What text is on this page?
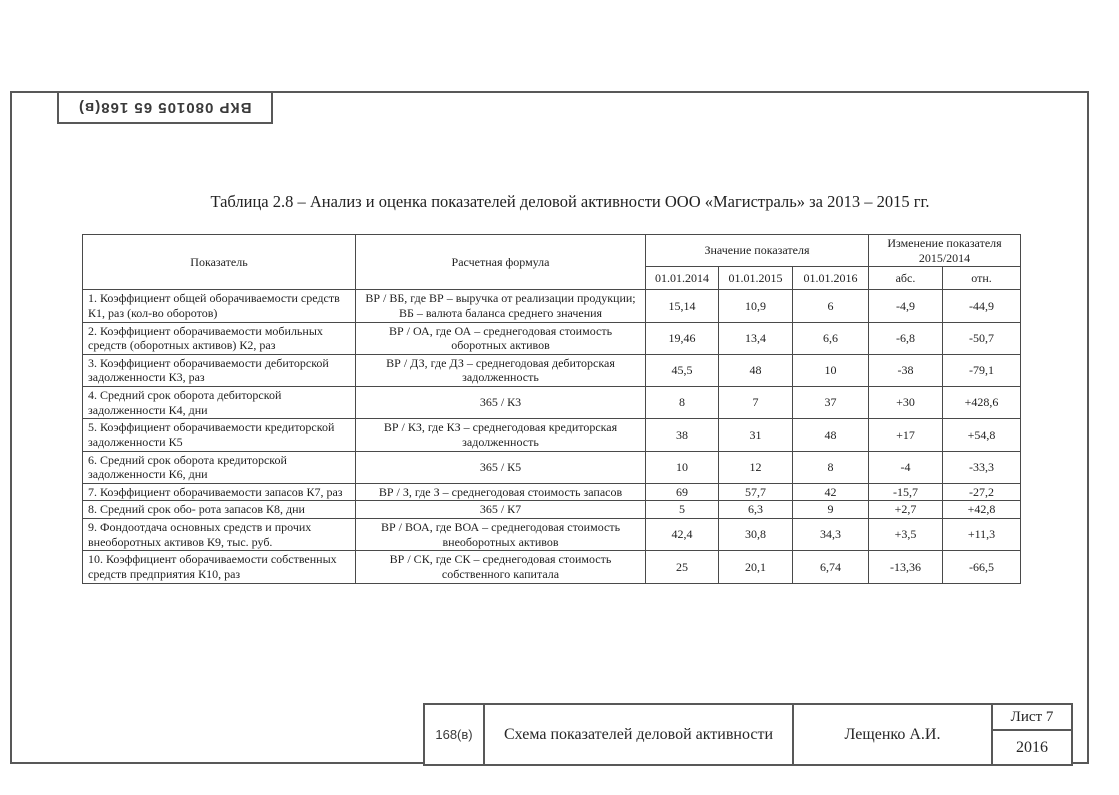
ВКР 080105 65 168(в)
Таблица 2.8 – Анализ и оценка показателей деловой активности ООО «Магистраль» за 2013 – 2015 гг.
Показатель	Расчетная формула	Значение показателя			Изменение показателя 2015/2014	
		01.01.2014	01.01.2015	01.01.2016	абс.	отн.
1. Коэффициент общей оборачиваемости средств К1, раз (кол-во оборотов)	ВР / ВБ, где ВР – выручка от реализации продукции; ВБ – валюта баланса среднего значения	15,14	10,9	6	-4,9	-44,9
2. Коэффициент оборачиваемости мобильных средств (оборотных активов) К2, раз	ВР / ОА, где ОА – среднегодовая стоимость оборотных активов	19,46	13,4	6,6	-6,8	-50,7
3. Коэффициент оборачиваемости дебиторской задолженности К3, раз	ВР / ДЗ, где ДЗ – среднегодовая дебиторская задолженность	45,5	48	10	-38	-79,1
4. Средний срок оборота дебиторской задолженности К4, дни	365 / К3	8	7	37	+30	+428,6
5. Коэффициент оборачиваемости кредиторской задолженности К5	ВР / КЗ, где КЗ – среднегодовая кредиторская задолженность	38	31	48	+17	+54,8
6. Средний срок оборота кредиторской задолженности К6, дни	365 / К5	10	12	8	-4	-33,3
7. Коэффициент оборачиваемости запасов К7, раз	ВР / З, где З – среднегодовая стоимость запасов	69	57,7	42	-15,7	-27,2
8. Средний срок обо- рота запасов К8, дни	365 / К7	5	6,3	9	+2,7	+42,8
9. Фондоотдача основных средств и прочих внеоборотных активов К9, тыс. руб.	ВР / ВОА, где ВОА – среднегодовая стоимость внеоборотных активов	42,4	30,8	34,3	+3,5	+11,3
10. Коэффициент оборачиваемости собственных средств предприятия К10, раз	ВР / СК, где СК – среднегодовая стоимость собственного капитала	25	20,1	6,74	-13,36	-66,5
168(в)	Схема показателей деловой активности	Лещенко А.И.	Лист 7
2016
